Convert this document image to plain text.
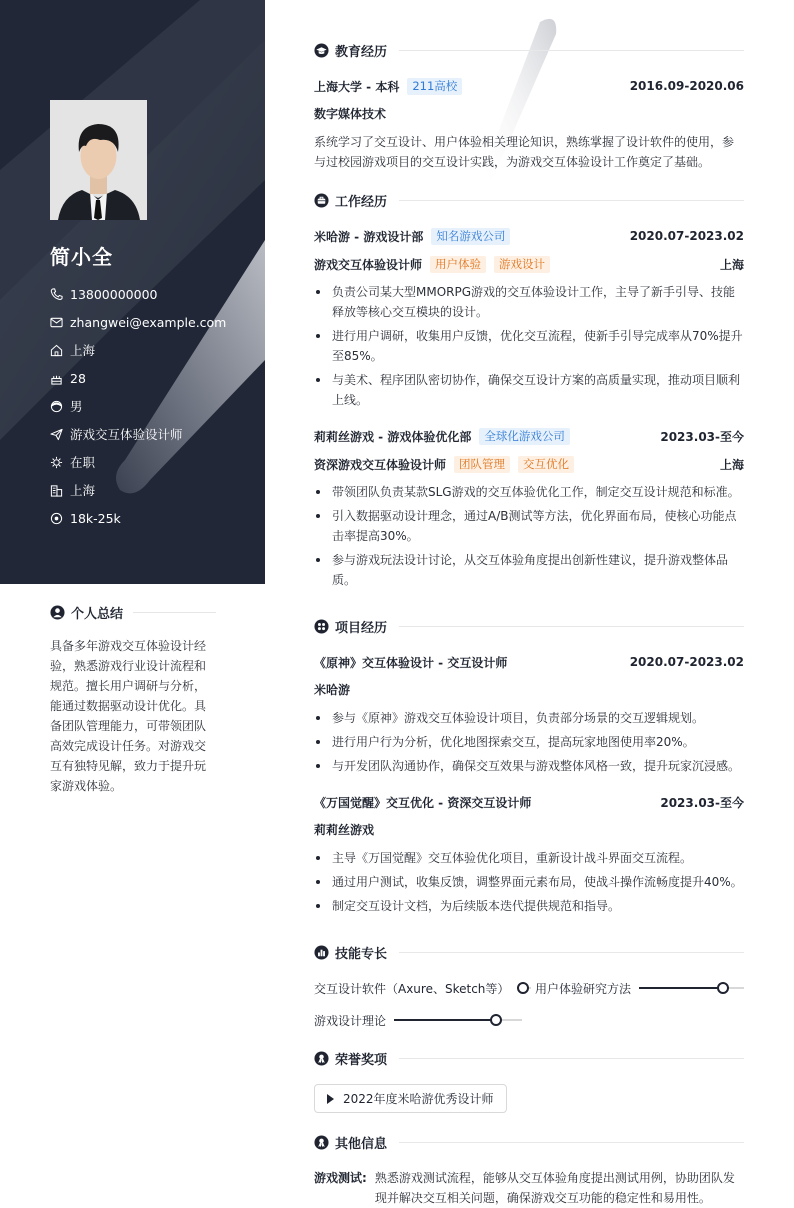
简小全
13800000000
zhangwei@example.com
上海
28
男
游戏交互体验设计师
在职
上海
18k-25k
个人总结
具备多年游戏交互体验设计经验，熟悉游戏行业设计流程和规范。擅长用户调研与分析，能通过数据驱动设计优化。具备团队管理能力，可带领团队高效完成设计任务。对游戏交互有独特见解，致力于提升玩家游戏体验。
教育经历
上海大学 - 本科	211高校	2016.09-2020.06
数字媒体技术
系统学习了交互设计、用户体验相关理论知识，熟练掌握了设计软件的使用，参与过校园游戏项目的交互设计实践，为游戏交互体验设计工作奠定了基础。
工作经历
米哈游 - 游戏设计部	知名游戏公司	2020.07-2023.02
游戏交互体验设计师	用户体验	游戏设计	上海
负责公司某大型MMORPG游戏的交互体验设计工作，主导了新手引导、技能释放等核心交互模块的设计。
进行用户调研，收集用户反馈，优化交互流程，使新手引导完成率从70%提升至85%。
与美术、程序团队密切协作，确保交互设计方案的高质量实现，推动项目顺利上线。
莉莉丝游戏 - 游戏体验优化部	全球化游戏公司	2023.03-至今
资深游戏交互体验设计师	团队管理	交互优化	上海
带领团队负责某款SLG游戏的交互体验优化工作，制定交互设计规范和标准。
引入数据驱动设计理念，通过A/B测试等方法，优化界面布局，使核心功能点击率提高30%。
参与游戏玩法设计讨论，从交互体验角度提出创新性建议，提升游戏整体品质。
项目经历
《原神》交互体验设计 - 交互设计师	2020.07-2023.02
米哈游
参与《原神》游戏交互体验设计项目，负责部分场景的交互逻辑规划。
进行用户行为分析，优化地图探索交互，提高玩家地图使用率20%。
与开发团队沟通协作，确保交互效果与游戏整体风格一致，提升玩家沉浸感。
《万国觉醒》交互优化 - 资深交互设计师	2023.03-至今
莉莉丝游戏
主导《万国觉醒》交互体验优化项目，重新设计战斗界面交互流程。
通过用户测试，收集反馈，调整界面元素布局，使战斗操作流畅度提升40%。
制定交互设计文档，为后续版本迭代提供规范和指导。
技能专长
交互设计软件（Axure、Sketch等） 用户体验研究方法
游戏设计理论
荣誉奖项
2022年度米哈游优秀设计师
其他信息
游戏测试: 熟悉游戏测试流程，能够从交互体验角度提出测试用例，协助团队发现并解决交互相关问题，确保游戏交互功能的稳定性和易用性。
